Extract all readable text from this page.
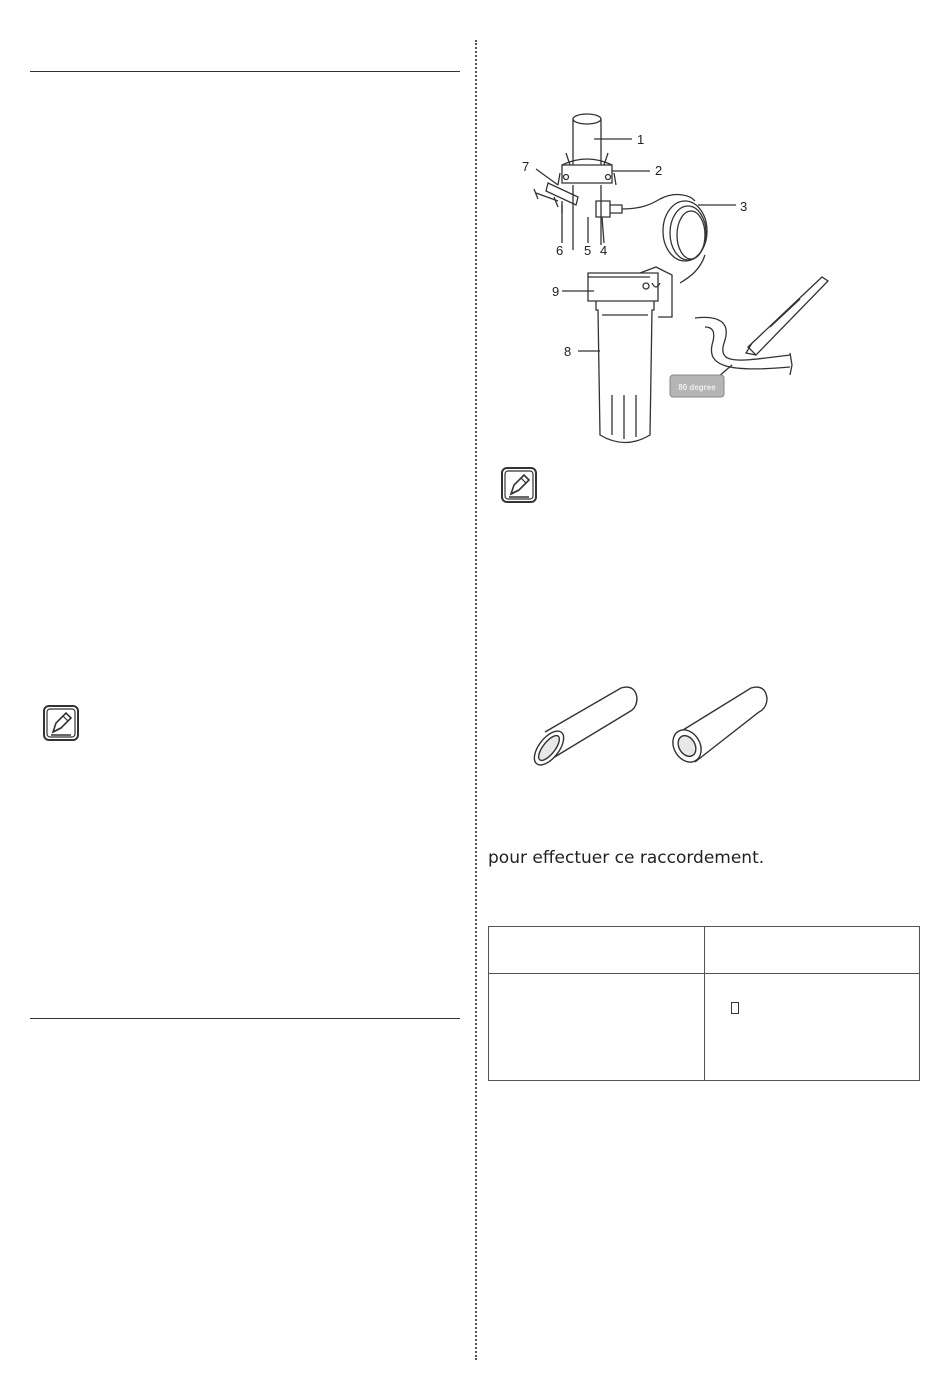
80 degree
1
2
3
4
5
6
7
8
9

pour effectuer ce raccordement.
